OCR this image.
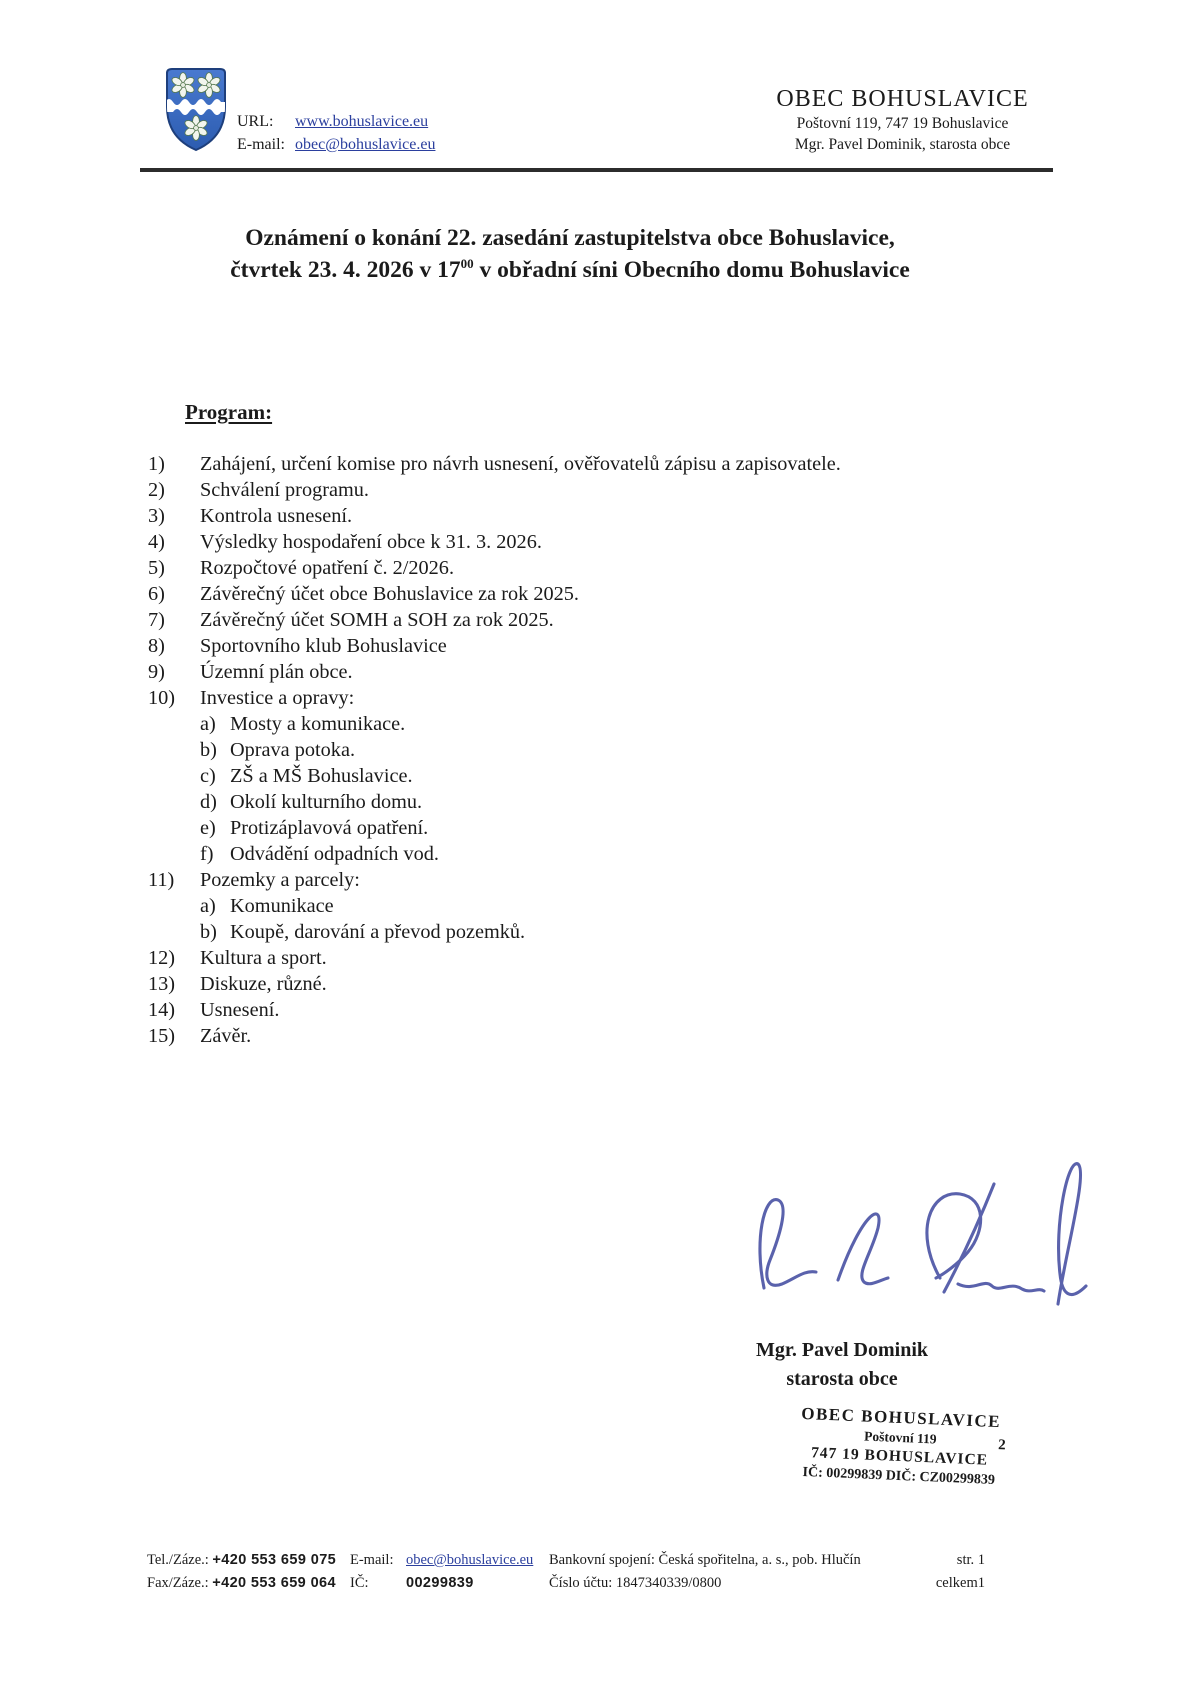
URL: www.bohuslavice.eu
E-mail: obec@bohuslavice.eu
OBEC BOHUSLAVICE
Poštovní 119, 747 19 Bohuslavice
Mgr. Pavel Dominik, starosta obce
Oznámení o konání 22. zasedání zastupitelstva obce Bohuslavice,
čtvrtek 23. 4. 2026 v $17^{00}$ v obřadní síni Obecního domu Bohuslavice
Program:
1)	Zahájení, určení komise pro návrh usnesení, ověřovatelů zápisu a zapisovatele.
2)	Schválení programu.
3)	Kontrola usnesení.
4)	Výsledky hospodaření obce k 31. 3. 2026.
5)	Rozpočtové opatření č. 2/2026.
6)	Závěrečný účet obce Bohuslavice za rok 2025.
7)	Závěrečný účet SOMH a SOH za rok 2025.
8)	Sportovního klub Bohuslavice
9)	Územní plán obce.
10)	Investice a opravy:
a) Mosty a komunikace.
b) Oprava potoka.
c) ZŠ a MŠ Bohuslavice.
d) Okolí kulturního domu.
e) Protizáplavová opatření.
f) Odvádění odpadních vod.
11)	Pozemky a parcely:
a) Komunikace
b) Koupě, darování a převod pozemků.
12)	Kultura a sport.
13)	Diskuze, různé.
14)	Usnesení.
15)	Závěr.
Mgr. Pavel Dominik
starosta obce
OBEC BOHUSLAVICE
Poštovní 119
747 19 BOHUSLAVICE
IČ: 00299839 DIČ: CZ00299839
2
Tel./Záze.: +420 553 659 075
Fax/Záze.: +420 553 659 064
E-mail: obec@bohuslavice.eu
IČ:	00299839
Bankovní spojení: Česká spořitelna, a. s., pob. Hlučín
Číslo účtu: 1847340339/0800
str. 1
celkem1
